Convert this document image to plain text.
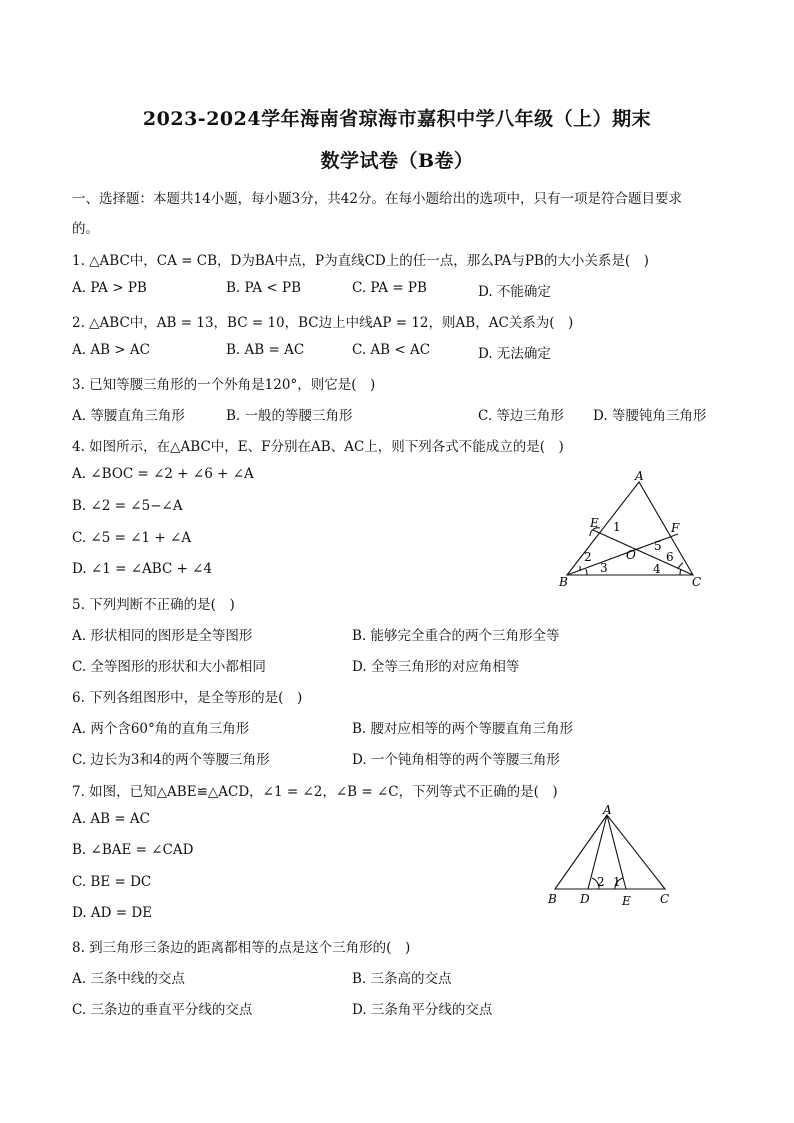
2023-2024学年海南省琼海市嘉积中学八年级（上）期末
数学试卷（B卷）
一、选择题：本题共14小题，每小题3分，共42分。在每小题给出的选项中，只有一项是符合题目要求
的。
1. △ABC中，CA = CB，D为BA中点，P为直线CD上的任一点，那么PA与PB的大小关系是(　)
A. PA > PB	B. PA < PB	C. PA = PB	D. 不能确定
2. △ABC中，AB = 13，BC = 10，BC边上中线AP = 12，则AB，AC关系为(　)
A. AB > AC	B. AB = AC	C. AB < AC	D. 无法确定
3. 已知等腰三角形的一个外角是120°，则它是(　)
A. 等腰直角三角形	B. 一般的等腰三角形	C. 等边三角形 D. 等腰钝角三角形
4. 如图所示，在△ABC中，E、F分别在AB、AC上，则下列各式不能成立的是(　)
A. ∠BOC = ∠2 + ∠6 + ∠A
B. ∠2 = ∠5−∠A
C. ∠5 = ∠1 + ∠A
D. ∠1 = ∠ABC + ∠4
A
B	C
E	F
O
1
2
3	4
5
6
5. 下列判断不正确的是(　)
A. 形状相同的图形是全等图形	B. 能够完全重合的两个三角形全等
C. 全等图形的形状和大小都相同	D. 全等三角形的对应角相等
6. 下列各组图形中，是全等形的是(　)
A. 两个含60°角的直角三角形	B. 腰对应相等的两个等腰直角三角形
C. 边长为3和4的两个等腰三角形	D. 一个钝角相等的两个等腰三角形
7. 如图，已知△ABE≌△ACD，∠1 = ∠2，∠B = ∠C，下列等式不正确的是(　)
A. AB = AC
B. ∠BAE = ∠CAD
C. BE = DC
D. AD = DE
A
B	C
D	E
2 1
8. 到三角形三条边的距离都相等的点是这个三角形的(　)
A. 三条中线的交点	B. 三条高的交点
C. 三条边的垂直平分线的交点	D. 三条角平分线的交点
